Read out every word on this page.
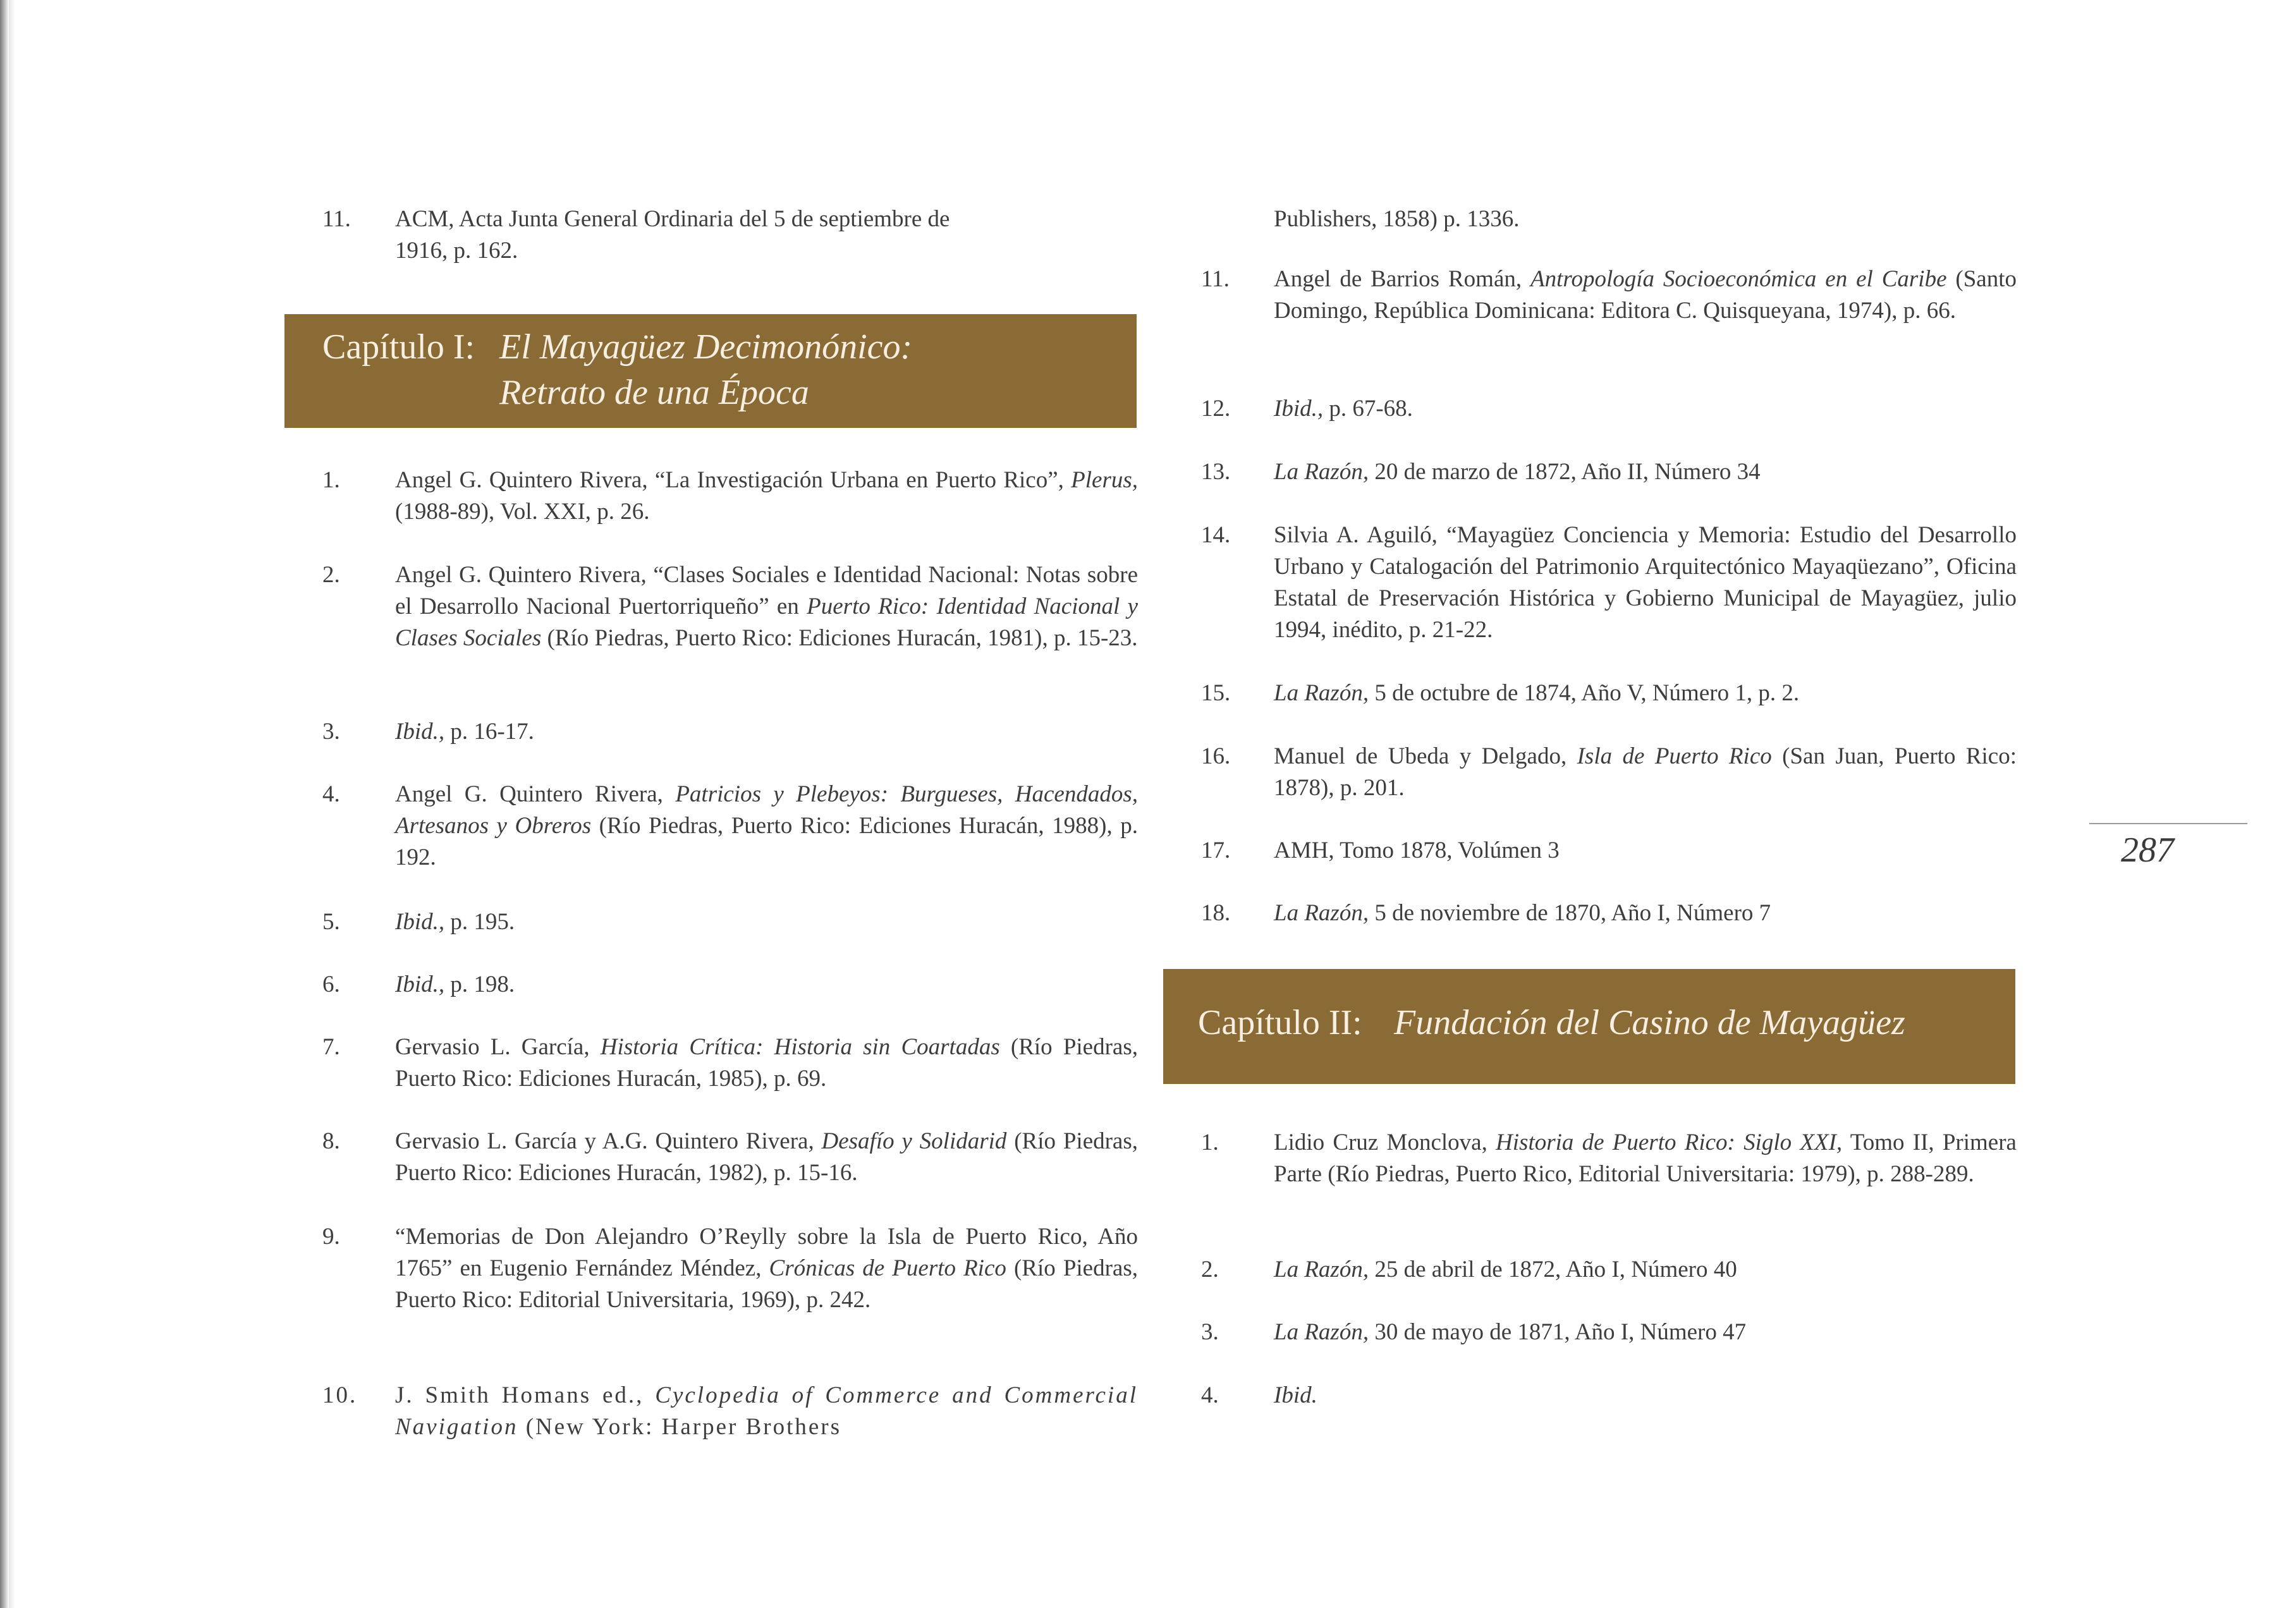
11.	ACM, Acta Junta General Ordinaria del 5 de septiembre de
1916, p. 162.
1.	Angel G. Quintero Rivera, “La Investigación Urbana en Puerto Rico”, Plerus, (1988-89), Vol. XXI, p. 26.
2.	Angel G. Quintero Rivera, “Clases Sociales e Identidad Nacional: Notas sobre el Desarrollo Nacional Puertorriqueño” en Puerto Rico: Identidad Nacional y Clases Sociales (Río Piedras, Puerto Rico: Ediciones Huracán, 1981), p. 15-23.
3.	Ibid., p. 16-17.
4.	Angel G. Quintero Rivera, Patricios y Plebeyos: Burgueses, Hacendados, Artesanos y Obreros (Río Piedras, Puerto Rico: Ediciones Huracán, 1988), p. 192.
5.	Ibid., p. 195.
6.	Ibid., p. 198.
7.	Gervasio L. García, Historia Crítica: Historia sin Coartadas (Río Piedras, Puerto Rico: Ediciones Huracán, 1985), p. 69.
8.	Gervasio L. García y A.G. Quintero Rivera, Desafío y Solidarid (Río Piedras, Puerto Rico: Ediciones Huracán, 1982), p. 15-16.
9.	“Memorias de Don Alejandro O’Reylly sobre la Isla de Puerto Rico, Año 1765” en Eugenio Fernández Méndez, Crónicas de Puerto Rico (Río Piedras, Puerto Rico: Editorial Universitaria, 1969), p. 242.
10.	J. Smith Homans ed., Cyclopedia of Commerce and Commercial Navigation (New York: Harper Brothers
Capítulo I: El Mayagüez Decimonónico:
Retrato de una Época
Publishers, 1858) p. 1336.
11.	Angel de Barrios Román, Antropología Socioeconómica en el Caribe (Santo Domingo, República Dominicana: Editora C. Quisqueyana, 1974), p. 66.
12.	Ibid., p. 67-68.
13.	La Razón, 20 de marzo de 1872, Año II, Número 34
14.	Silvia A. Aguiló, “Mayagüez Conciencia y Memoria: Estudio del Desarrollo Urbano y Catalogación del Patrimonio Arquitectónico Mayaqüezano”, Oficina Estatal de Preservación Histórica y Gobierno Municipal de Mayagüez, julio 1994, inédito, p. 21-22.
15.	La Razón, 5 de octubre de 1874, Año V, Número 1, p. 2.
16.	Manuel de Ubeda y Delgado, Isla de Puerto Rico (San Juan, Puerto Rico: 1878), p. 201.
17.	AMH, Tomo 1878, Volúmen 3
18.	La Razón, 5 de noviembre de 1870, Año I, Número 7
1.	Lidio Cruz Monclova, Historia de Puerto Rico: Siglo XXI, Tomo II, Primera Parte (Río Piedras, Puerto Rico, Editorial Universitaria: 1979), p. 288-289.
2.	La Razón, 25 de abril de 1872, Año I, Número 40
3.	La Razón, 30 de mayo de 1871, Año I, Número 47
4.	Ibid.
Capítulo II: Fundación del Casino de Mayagüez
287
